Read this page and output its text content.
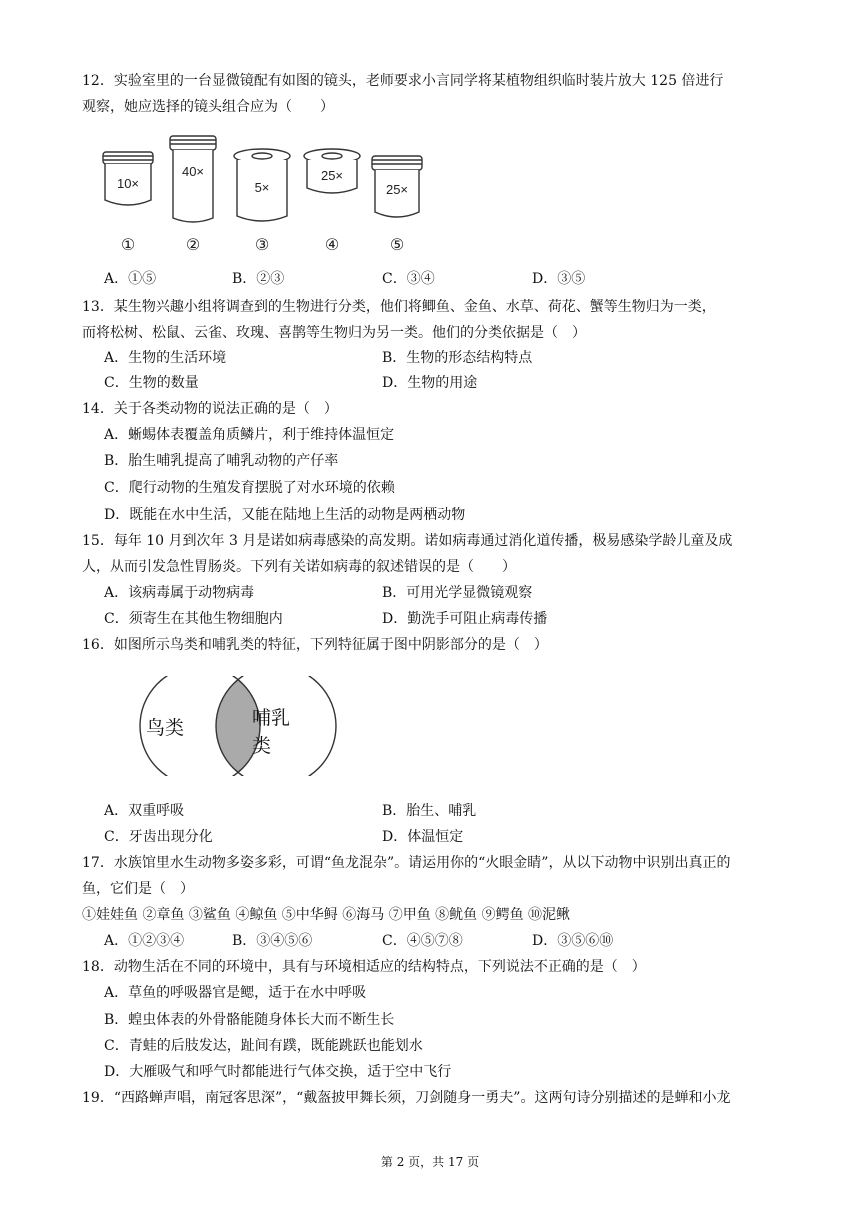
12．实验室里的一台显微镜配有如图的镜头，老师要求小言同学将某植物组织临时装片放大 125 倍进行
观察，她应选择的镜头组合应为（　　）
10×
40×
5×
25×
25×
①	②	③	④	⑤
A．①⑤	B．②③	C．③④	D．③⑤
13．某生物兴趣小组将调查到的生物进行分类，他们将鲫鱼、金鱼、水草、荷花、蟹等生物归为一类，
而将松树、松鼠、云雀、玫瑰、喜鹊等生物归为另一类。他们的分类依据是（　）
A．生物的生活环境	B．生物的形态结构特点
C．生物的数量	D．生物的用途
14．关于各类动物的说法正确的是（　）
A．蜥蜴体表覆盖角质鳞片，利于维持体温恒定
B．胎生哺乳提高了哺乳动物的产仔率
C．爬行动物的生殖发育摆脱了对水环境的依赖
D．既能在水中生活，又能在陆地上生活的动物是两栖动物
15．每年 10 月到次年 3 月是诺如病毒感染的高发期。诺如病毒通过消化道传播，极易感染学龄儿童及成
人，从而引发急性胃肠炎。下列有关诺如病毒的叙述错误的是（　　）
A．该病毒属于动物病毒	B．可用光学显微镜观察
C．须寄生在其他生物细胞内	D．勤洗手可阻止病毒传播
16．如图所示鸟类和哺乳类的特征，下列特征属于图中阴影部分的是（　）
鸟类	哺乳
类
A．双重呼吸	B．胎生、哺乳
C．牙齿出现分化	D．体温恒定
17．水族馆里水生动物多姿多彩，可谓“鱼龙混杂”。请运用你的“火眼金睛”，从以下动物中识别出真正的
鱼，它们是（　）
①娃娃鱼 ②章鱼 ③鲨鱼 ④鲸鱼 ⑤中华鲟 ⑥海马 ⑦甲鱼 ⑧鱿鱼 ⑨鳄鱼 ⑩泥鳅
A．①②③④	B．③④⑤⑥	C．④⑤⑦⑧	D．③⑤⑥⑩
18．动物生活在不同的环境中，具有与环境相适应的结构特点，下列说法不正确的是（　）
A．草鱼的呼吸器官是鳃，适于在水中呼吸
B．蝗虫体表的外骨骼能随身体长大而不断生长
C．青蛙的后肢发达，趾间有蹼，既能跳跃也能划水
D．大雁吸气和呼气时都能进行气体交换，适于空中飞行
19．“西路蝉声唱，南冠客思深”，“戴盔披甲舞长须，刀剑随身一勇夫”。这两句诗分别描述的是蝉和小龙
第 2 页，共 17 页
